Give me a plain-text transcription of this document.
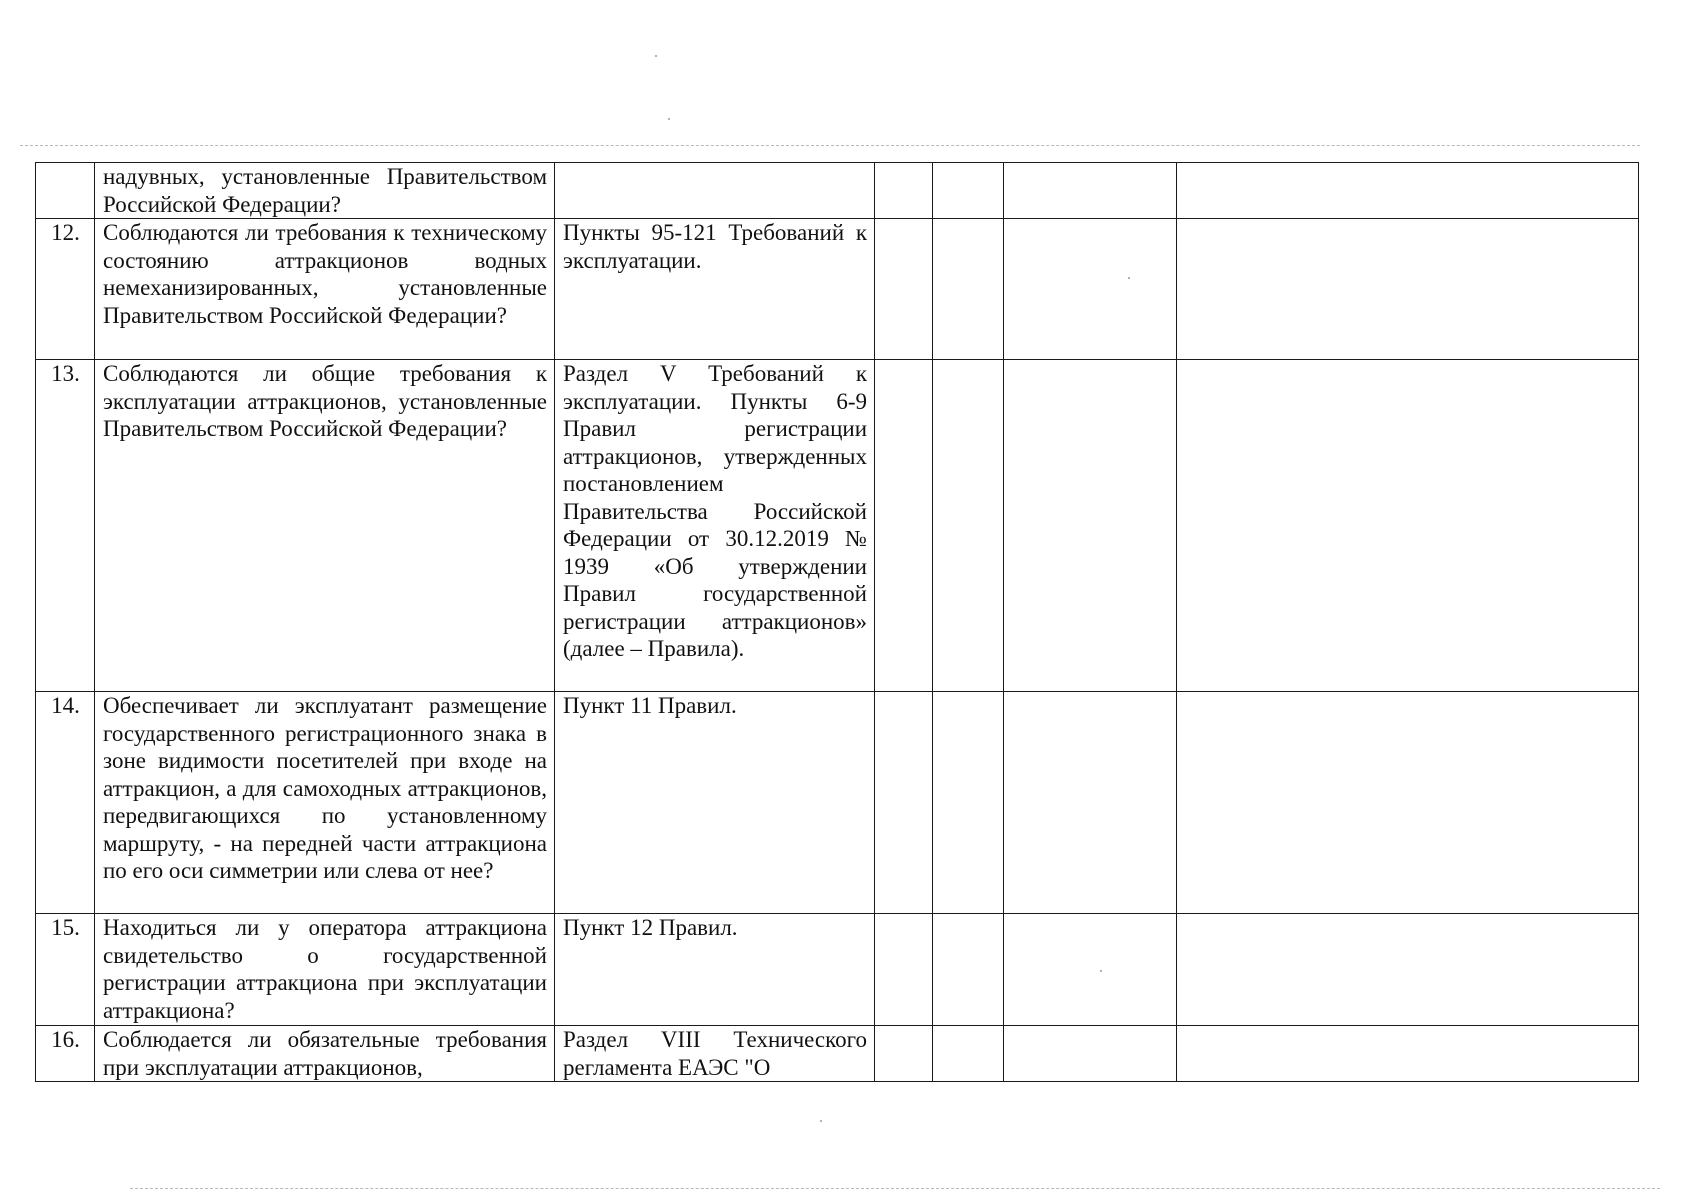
	надувных, установленные Правительством Российской Федерации?					
12.	Соблюдаются ли требования к техническому состоянию аттракционов водных немеханизированных, установленные Правительством Российской Федерации?	Пункты 95-121 Требований к эксплуатации.				
13.	Соблюдаются ли общие требования к эксплуатации аттракционов, установленные Правительством Российской Федерации?	Раздел V Требований к эксплуатации. Пункты 6-9 Правил регистрации аттракционов, утвержденных постановлением Правительства Российской Федерации от 30.12.2019 № 1939 «Об утверждении Правил государственной регистрации аттракционов» (далее – Правила).				
14.	Обеспечивает ли эксплуатант размещение государственного регистрационного знака в зоне видимости посетителей при входе на аттракцион, а для самоходных аттракционов, передвигающихся по установленному маршруту, - на передней части аттракциона по его оси симметрии или слева от нее?	Пункт 11 Правил.				
15.	Находиться ли у оператора аттракциона свидетельство о государственной регистрации аттракциона при эксплуатации аттракциона?	Пункт 12 Правил.				
16.	Соблюдается ли обязательные требования при эксплуатации аттракционов,	Раздел VIII Технического регламента ЕАЭС "О				
